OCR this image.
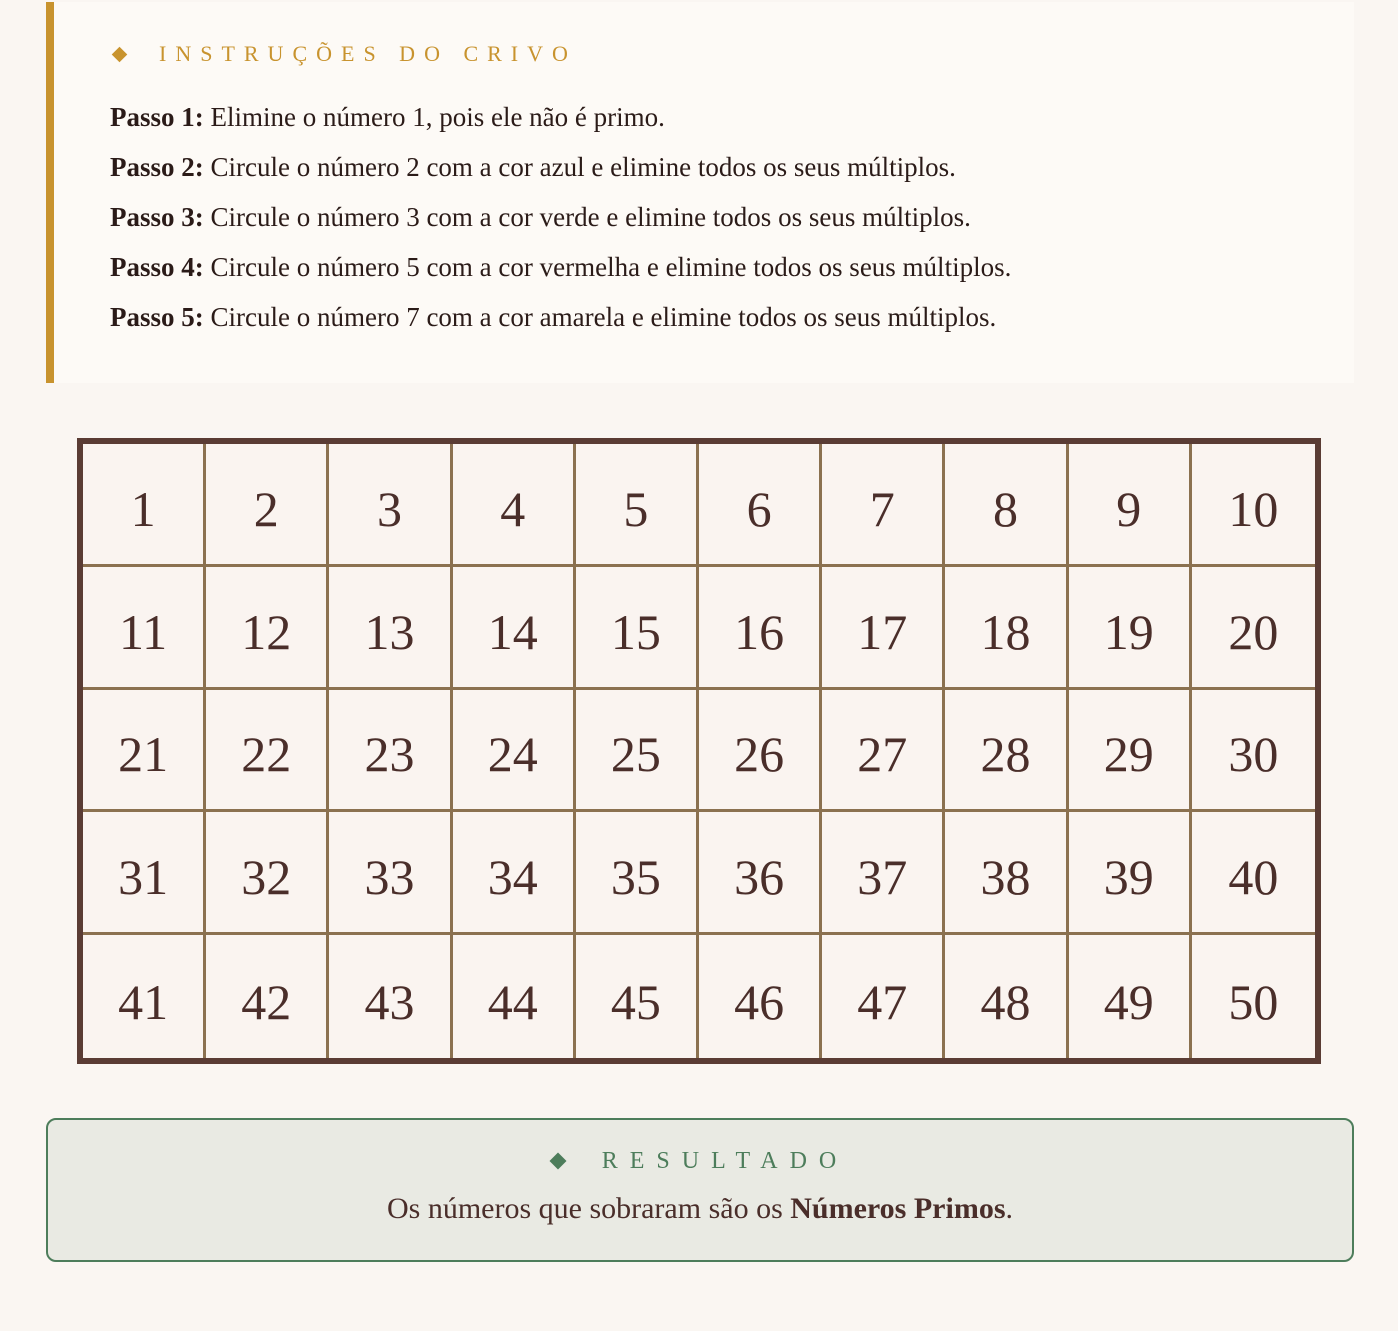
INSTRUÇÕES DO CRIVO
Passo 1: Elimine o número 1, pois ele não é primo.
Passo 2: Circule o número 2 com a cor azul e elimine todos os seus múltiplos.
Passo 3: Circule o número 3 com a cor verde e elimine todos os seus múltiplos.
Passo 4: Circule o número 5 com a cor vermelha e elimine todos os seus múltiplos.
Passo 5: Circule o número 7 com a cor amarela e elimine todos os seus múltiplos.
1	2	3	4	5	6	7	8	9	10
11	12	13	14	15	16	17	18	19	20
21	22	23	24	25	26	27	28	29	30
31	32	33	34	35	36	37	38	39	40
41	42	43	44	45	46	47	48	49	50
RESULTADO
Os números que sobraram são os Números Primos.
